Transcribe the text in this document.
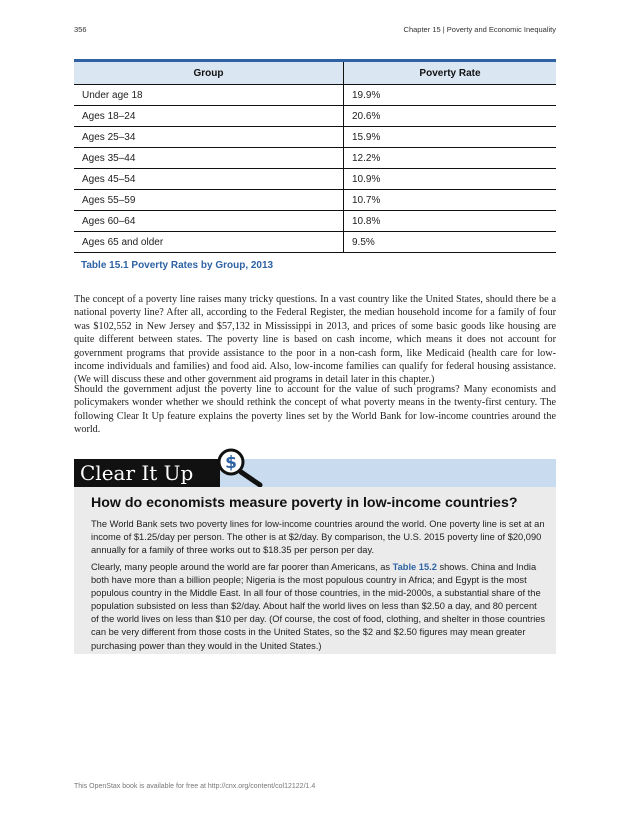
356	Chapter 15 | Poverty and Economic Inequality
Group	Poverty Rate
Under age 18	19.9%
Ages 18–24	20.6%
Ages 25–34	15.9%
Ages 35–44	12.2%
Ages 45–54	10.9%
Ages 55–59	10.7%
Ages 60–64	10.8%
Ages 65 and older	9.5%
Table 15.1 Poverty Rates by Group, 2013

The concept of a poverty line raises many tricky questions. In a vast country like the United States, should there be a national poverty line? After all, according to the Federal Register, the median household income for a family of four was $102,552 in New Jersey and $57,132 in Mississippi in 2013, and prices of some basic goods like housing are quite different between states. The poverty line is based on cash income, which means it does not account for government programs that provide assistance to the poor in a non-cash form, like Medicaid (health care for low-income individuals and families) and food aid. Also, low-income families can qualify for federal housing assistance. (We will discuss these and other government aid programs in detail later in this chapter.)

Should the government adjust the poverty line to account for the value of such programs? Many economists and policymakers wonder whether we should rethink the concept of what poverty means in the twenty-first century. The following Clear It Up feature explains the poverty lines set by the World Bank for low-income countries around the world.

Clear It Up	$
How do economists measure poverty in low-income countries?

The World Bank sets two poverty lines for low-income countries around the world. One poverty line is set at an income of $1.25/day per person. The other is at $2/day. By comparison, the U.S. 2015 poverty line of $20,090 annually for a family of three works out to $18.35 per person per day.

Clearly, many people around the world are far poorer than Americans, as Table 15.2 shows. China and India both have more than a billion people; Nigeria is the most populous country in Africa; and Egypt is the most populous country in the Middle East. In all four of those countries, in the mid-2000s, a substantial share of the population subsisted on less than $2/day. About half the world lives on less than $2.50 a day, and 80 percent of the world lives on less than $10 per day. (Of course, the cost of food, clothing, and shelter in those countries can be very different from those costs in the United States, so the $2 and $2.50 figures may mean greater purchasing power than they would in the United States.)

This OpenStax book is available for free at http://cnx.org/content/col12122/1.4
